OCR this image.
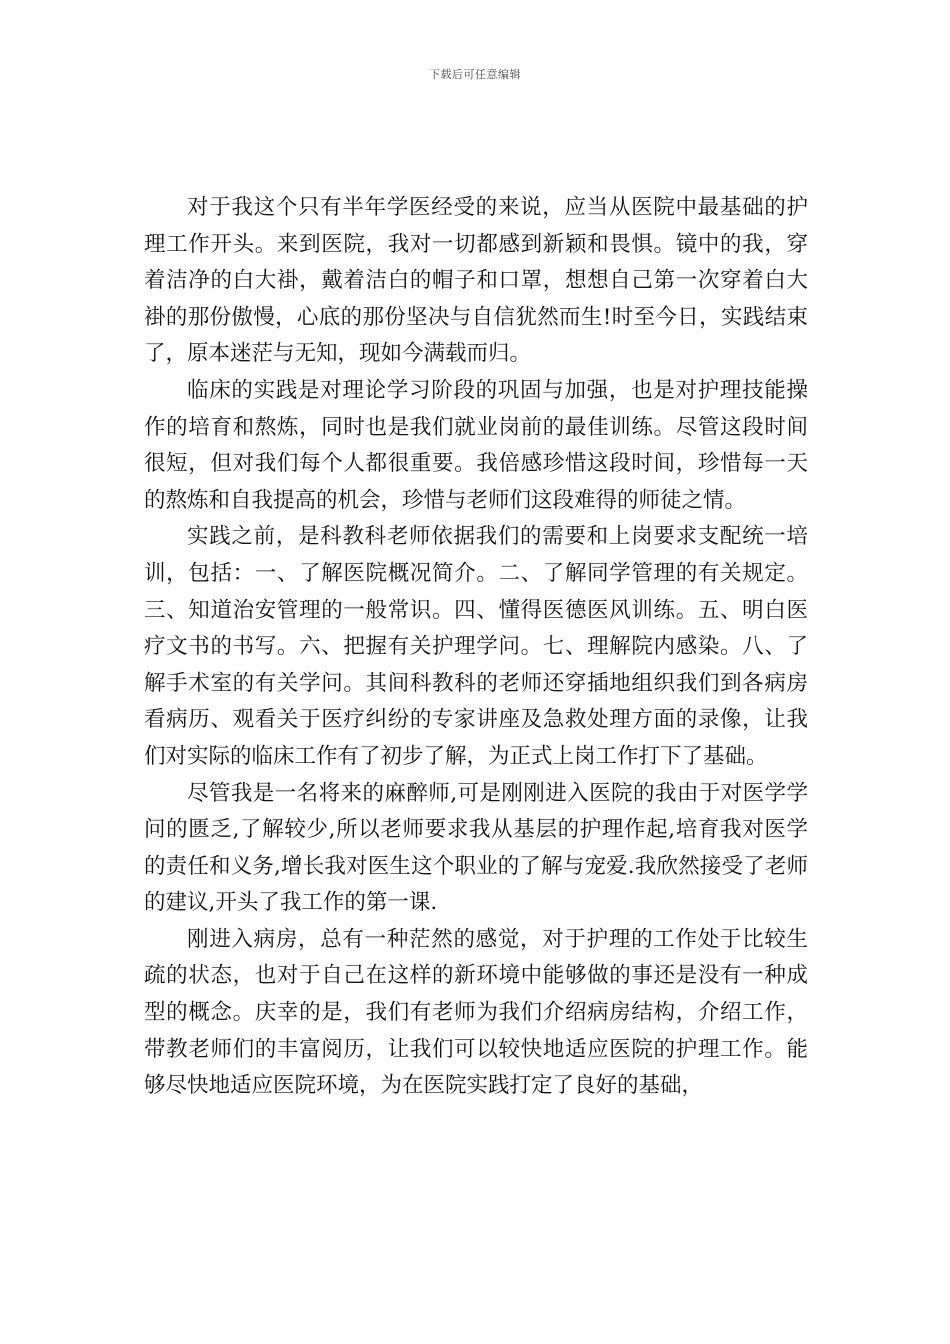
下载后可任意编辑

对于我这个只有半年学医经受的来说，应当从医院中最基础的护理工作开头。来到医院，我对一切都感到新颖和畏惧。镜中的我，穿着洁净的白大褂，戴着洁白的帽子和口罩，想想自己第一次穿着白大褂的那份傲慢，心底的那份坚决与自信犹然而生!时至今日，实践结束了，原本迷茫与无知，现如今满载而归。

临床的实践是对理论学习阶段的巩固与加强，也是对护理技能操作的培育和熬炼，同时也是我们就业岗前的最佳训练。尽管这段时间很短，但对我们每个人都很重要。我倍感珍惜这段时间，珍惜每一天的熬炼和自我提高的机会，珍惜与老师们这段难得的师徒之情。

实践之前，是科教科老师依据我们的需要和上岗要求支配统一培训，包括：一、了解医院概况简介。二、了解同学管理的有关规定。三、知道治安管理的一般常识。四、懂得医德医风训练。五、明白医疗文书的书写。六、把握有关护理学问。七、理解院内感染。八、了解手术室的有关学问。其间科教科的老师还穿插地组织我们到各病房看病历、观看关于医疗纠纷的专家讲座及急救处理方面的录像，让我们对实际的临床工作有了初步了解，为正式上岗工作打下了基础。

尽管我是一名将来的麻醉师,可是刚刚进入医院的我由于对医学学问的匮乏,了解较少,所以老师要求我从基层的护理作起,培育我对医学的责任和义务,增长我对医生这个职业的了解与宠爱.我欣然接受了老师的建议,开头了我工作的第一课.

刚进入病房，总有一种茫然的感觉，对于护理的工作处于比较生疏的状态，也对于自己在这样的新环境中能够做的事还是没有一种成型的概念。庆幸的是，我们有老师为我们介绍病房结构，介绍工作，带教老师们的丰富阅历，让我们可以较快地适应医院的护理工作。能够尽快地适应医院环境，为在医院实践打定了良好的基础，
